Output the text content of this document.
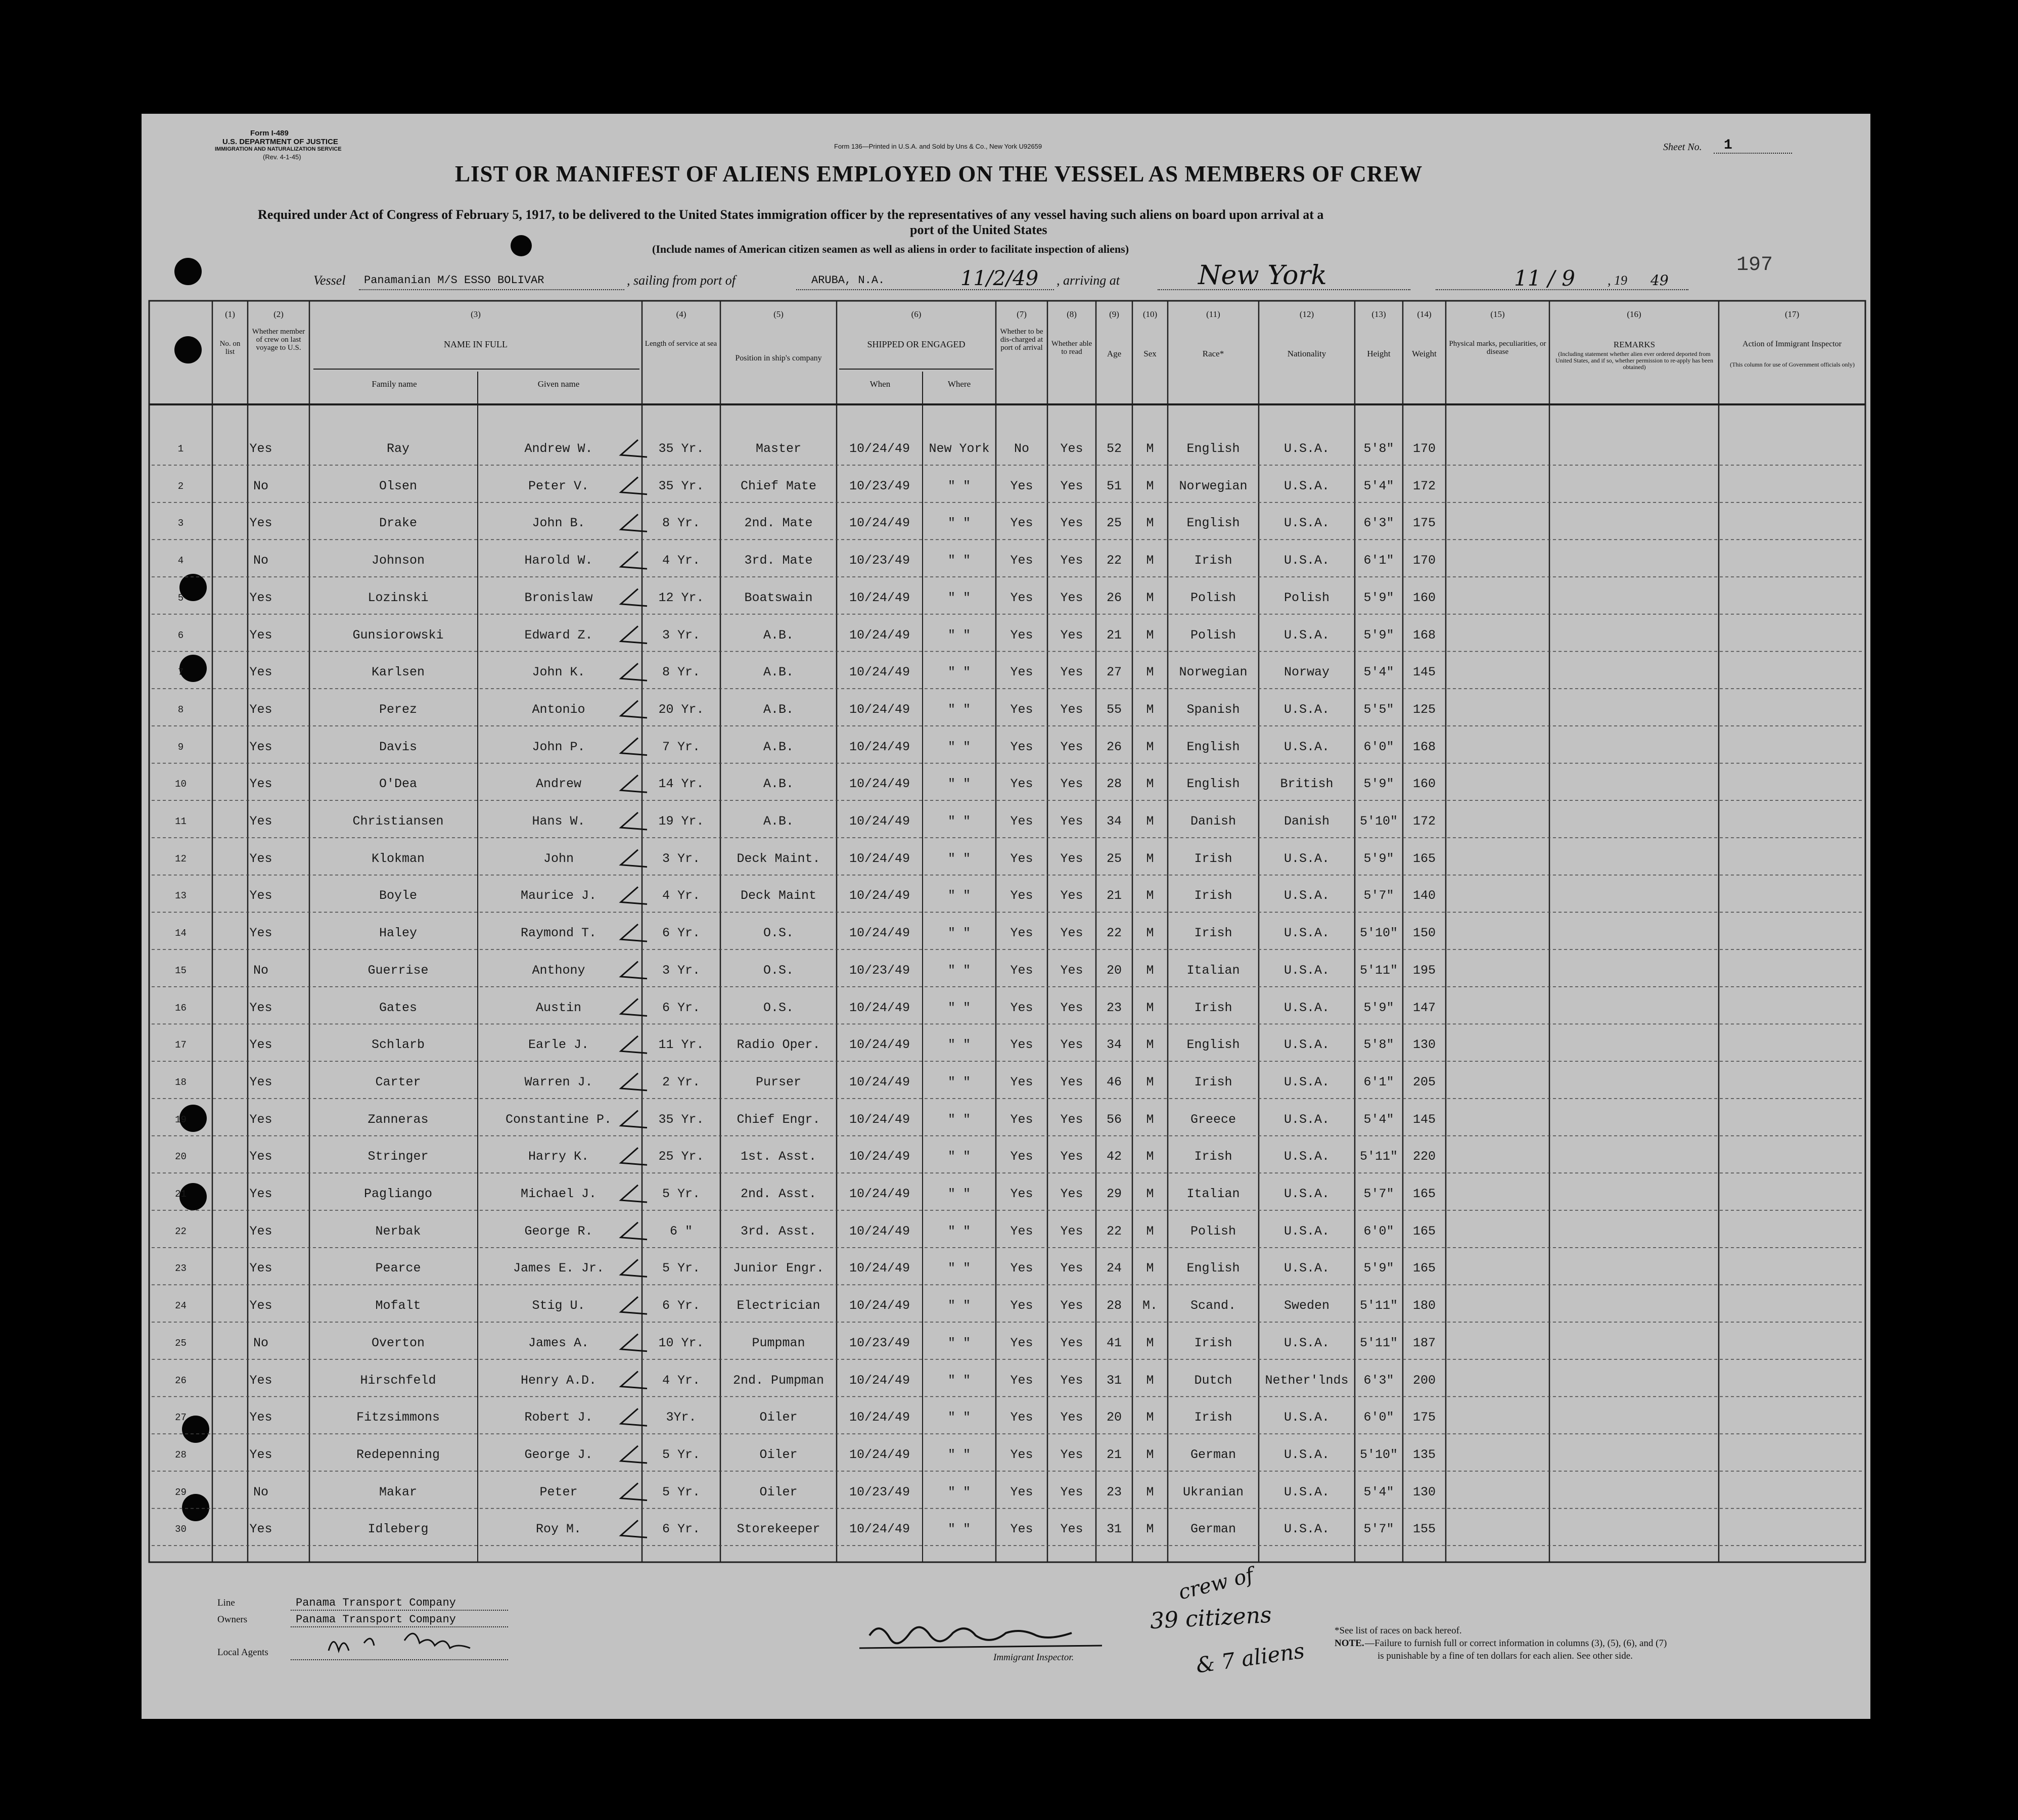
Form I-489
U.S. DEPARTMENT OF JUSTICE
IMMIGRATION AND NATURALIZATION SERVICE
(Rev. 4-1-45)
Form 136—Printed in U.S.A. and Sold by Uns & Co., New York U92659	Sheet No. 1
LIST OR MANIFEST OF ALIENS EMPLOYED ON THE VESSEL AS MEMBERS OF CREW
Required under Act of Congress of February 5, 1917, to be delivered to the United States immigration officer by the representatives of any vessel having such aliens on board upon arrival at a
port of the United States
(Include names of American citizen seamen as well as aliens in order to facilitate inspection of aliens)
197
Vessel Panamanian M/S ESSO BOLIVAR	, sailing from port of	ARUBA, N.A.	11/2/49 , arriving at	New York	11 / 9 , 19 49
(1)	(2)	(3)	(4)	(5)	(6)	(7)	(8)	(9)	(10)	(11)	(12)	(13)	(14)	(15)	(16)	(17)
No. on list
Whether member of crew on last voyage to U.S.	NAME IN FULL
Family name	Given name
Length of service at sea
Position in ship's company
SHIPPED OR ENGAGED
When	Where
Whether to be dis-charged at port of arrival	Whether able to read	Age	Sex	Race*	Nationality	Height	Weight
Physical marks, peculiarities, or disease
REMARKS
(Including statement whether alien ever ordered deported from United States, and if so, whether permission to re-apply has been obtained)
Action of Immigrant Inspector
(This column for use of Government officials only)
1	Yes	Ray	Andrew W.	35 Yr.	Master	10/24/49	New York	No	Yes	52	M	English	U.S.A.	5'8"	170
2	No	Olsen	Peter V.	35 Yr.	Chief Mate	10/23/49	" "	Yes	Yes	51	M	Norwegian	U.S.A.	5'4"	172
3	Yes	Drake	John B.	8 Yr.	2nd. Mate	10/24/49	" "	Yes	Yes	25	M	English	U.S.A.	6'3"	175
4	No	Johnson	Harold W.	4 Yr.	3rd. Mate	10/23/49	" "	Yes	Yes	22	M	Irish	U.S.A.	6'1"	170
5	Yes	Lozinski	Bronislaw	12 Yr.	Boatswain	10/24/49	" "	Yes	Yes	26	M	Polish	Polish	5'9"	160
6	Yes	Gunsiorowski	Edward Z.	3 Yr.	A.B.	10/24/49	" "	Yes	Yes	21	M	Polish	U.S.A.	5'9"	168
7	Yes	Karlsen	John K.	8 Yr.	A.B.	10/24/49	" "	Yes	Yes	27	M	Norwegian	Norway	5'4"	145
8	Yes	Perez	Antonio	20 Yr.	A.B.	10/24/49	" "	Yes	Yes	55	M	Spanish	U.S.A.	5'5"	125
9	Yes	Davis	John P.	7 Yr.	A.B.	10/24/49	" "	Yes	Yes	26	M	English	U.S.A.	6'0"	168
10	Yes	O'Dea	Andrew	14 Yr.	A.B.	10/24/49	" "	Yes	Yes	28	M	English	British	5'9"	160
11	Yes	Christiansen	Hans W.	19 Yr.	A.B.	10/24/49	" "	Yes	Yes	34	M	Danish	Danish	5'10"	172
12	Yes	Klokman	John	3 Yr.	Deck Maint.	10/24/49	" "	Yes	Yes	25	M	Irish	U.S.A.	5'9"	165
13	Yes	Boyle	Maurice J.	4 Yr.	Deck Maint	10/24/49	" "	Yes	Yes	21	M	Irish	U.S.A.	5'7"	140
14	Yes	Haley	Raymond T.	6 Yr.	O.S.	10/24/49	" "	Yes	Yes	22	M	Irish	U.S.A.	5'10"	150
15	No	Guerrise	Anthony	3 Yr.	O.S.	10/23/49	" "	Yes	Yes	20	M	Italian	U.S.A.	5'11"	195
16	Yes	Gates	Austin	6 Yr.	O.S.	10/24/49	" "	Yes	Yes	23	M	Irish	U.S.A.	5'9"	147
17	Yes	Schlarb	Earle J.	11 Yr.	Radio Oper.	10/24/49	" "	Yes	Yes	34	M	English	U.S.A.	5'8"	130
18	Yes	Carter	Warren J.	2 Yr.	Purser	10/24/49	" "	Yes	Yes	46	M	Irish	U.S.A.	6'1"	205
19	Yes	Zanneras	Constantine P.	35 Yr.	Chief Engr.	10/24/49	" "	Yes	Yes	56	M	Greece	U.S.A.	5'4"	145
20	Yes	Stringer	Harry K.	25 Yr.	1st. Asst.	10/24/49	" "	Yes	Yes	42	M	Irish	U.S.A.	5'11"	220
21	Yes	Pagliango	Michael J.	5 Yr.	2nd. Asst.	10/24/49	" "	Yes	Yes	29	M	Italian	U.S.A.	5'7"	165
22	Yes	Nerbak	George R.	6 "	3rd. Asst.	10/24/49	" "	Yes	Yes	22	M	Polish	U.S.A.	6'0"	165
23	Yes	Pearce	James E. Jr.	5 Yr.	Junior Engr.	10/24/49	" "	Yes	Yes	24	M	English	U.S.A.	5'9"	165
24	Yes	Mofalt	Stig U.	6 Yr.	Electrician	10/24/49	" "	Yes	Yes	28	M.	Scand.	Sweden	5'11"	180
25	No	Overton	James A.	10 Yr.	Pumpman	10/23/49	" "	Yes	Yes	41	M	Irish	U.S.A.	5'11"	187
26	Yes	Hirschfeld	Henry A.D.	4 Yr.	2nd. Pumpman	10/24/49	" "	Yes	Yes	31	M	Dutch	Nether'lnds	6'3"	200
27	Yes	Fitzsimmons	Robert J.	3Yr.	Oiler	10/24/49	" "	Yes	Yes	20	M	Irish	U.S.A.	6'0"	175
28	Yes	Redepenning	George J.	5 Yr.	Oiler	10/24/49	" "	Yes	Yes	21	M	German	U.S.A.	5'10"	135
29	No	Makar	Peter	5 Yr.	Oiler	10/23/49	" "	Yes	Yes	23	M	Ukranian	U.S.A.	5'4"	130
30	Yes	Idleberg	Roy M.	6 Yr.	Storekeeper	10/24/49	" "	Yes	Yes	31	M	German	U.S.A.	5'7"	155
Line	Panama Transport Company
Owners	Panama Transport Company
Local Agents	Immigrant Inspector.
crew of
39 citizens
& 7 aliens
*See list of races on back hereof.
NOTE. —Failure to furnish full or correct information in columns (3), (5), (6), and (7)
is punishable by a fine of ten dollars for each alien. See other side.
